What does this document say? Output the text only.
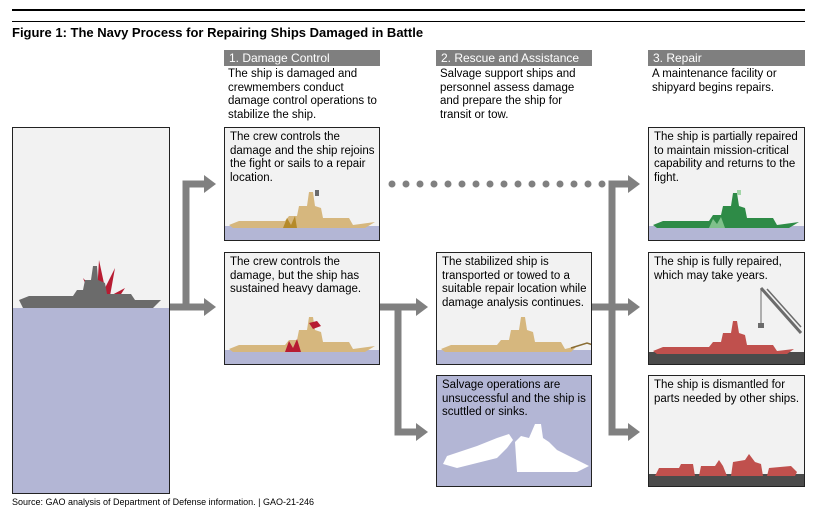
Figure 1: The Navy Process for Repairing Ships Damaged in Battle
1. Damage Control	2. Rescue and Assistance	3. Repair
The ship is damaged and crewmembers conduct damage control operations to stabilize the ship.
Salvage support ships and personnel assess damage and prepare the ship for transit or tow.
A maintenance facility or shipyard begins repairs.
The crew controls the damage and the ship rejoins the fight or sails to a repair location.
The crew controls the damage, but the ship has sustained heavy damage.
The stabilized ship is transported or towed to a suitable repair location while damage analysis continues.
Salvage operations are unsuccessful and the ship is scuttled or sinks.
The ship is partially repaired to maintain mission-critical capability and returns to the fight.
The ship is fully repaired, which may take years.
The ship is dismantled for parts needed by other ships.
Source: GAO analysis of Department of Defense information. | GAO-21-246
